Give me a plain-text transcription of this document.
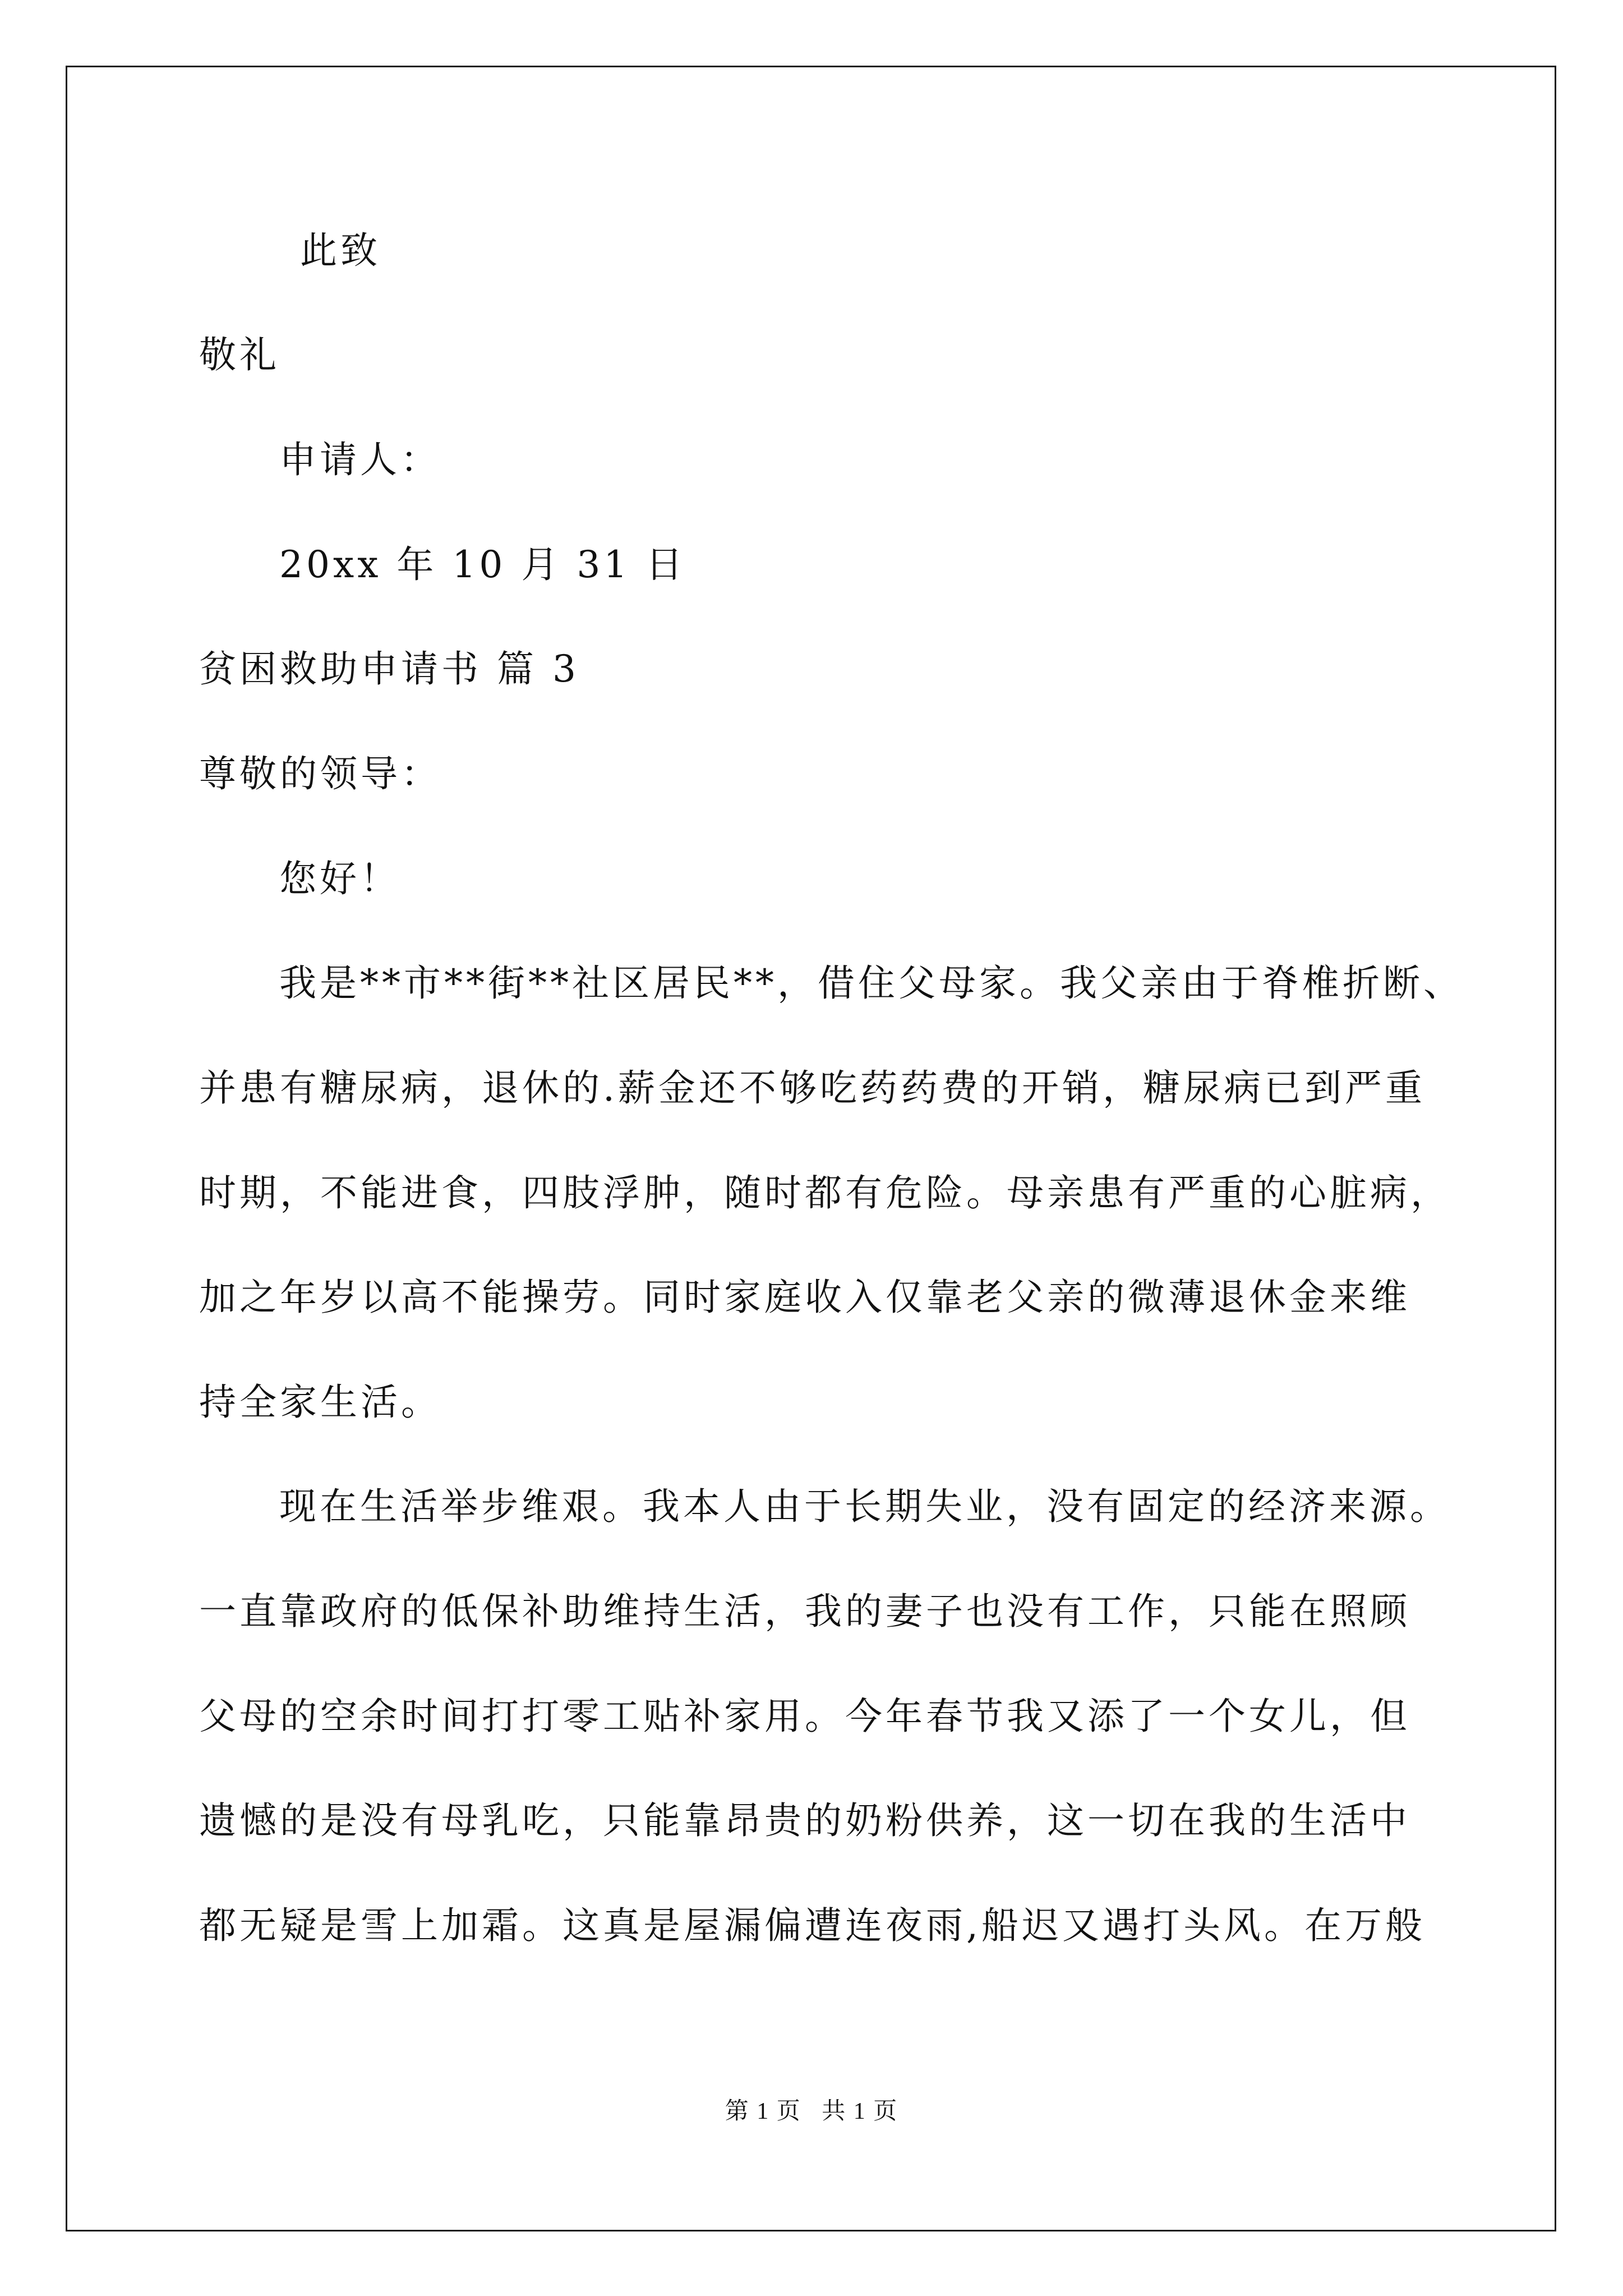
此致
敬礼
申请人：
20xx 年 10 月 31 日
贫困救助申请书 篇 3
尊敬的领导：
您好！
我是**市**街**社区居民**，借住父母家。我父亲由于脊椎折断、
并患有糖尿病，退休的.薪金还不够吃药药费的开销，糖尿病已到严重
时期，不能进食，四肢浮肿，随时都有危险。母亲患有严重的心脏病，
加之年岁以高不能操劳。同时家庭收入仅靠老父亲的微薄退休金来维
持全家生活。
现在生活举步维艰。我本人由于长期失业，没有固定的经济来源。
一直靠政府的低保补助维持生活，我的妻子也没有工作，只能在照顾
父母的空余时间打打零工贴补家用。今年春节我又添了一个女儿，但
遗憾的是没有母乳吃，只能靠昂贵的奶粉供养，这一切在我的生活中
都无疑是雪上加霜。这真是屋漏偏遭连夜雨,船迟又遇打头风。在万般
第 1 页 共 1 页
